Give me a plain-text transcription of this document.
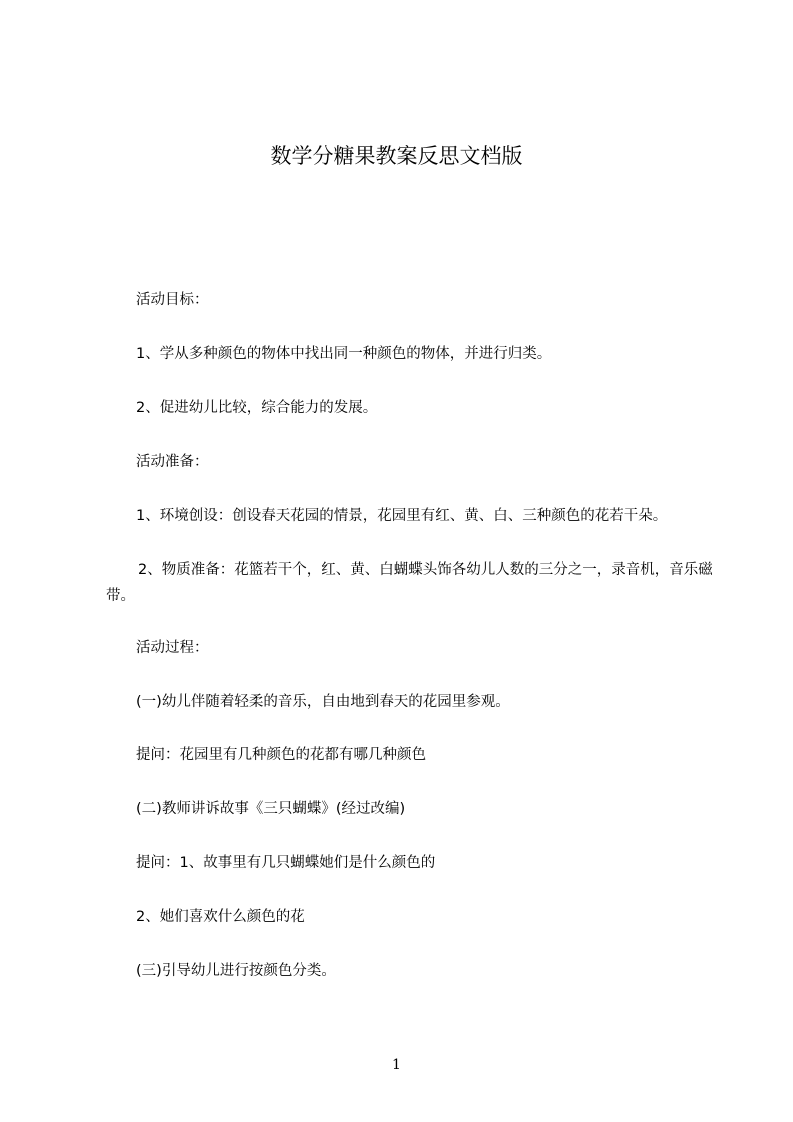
数学分糖果教案反思文档版

活动目标：

1、学从多种颜色的物体中找出同一种颜色的物体，并进行归类。

2、促进幼儿比较，综合能力的发展。

活动准备：

1、环境创设：创设春天花园的情景，花园里有红、黄、白、三种颜色的花若干朵。

2、物质准备：花篮若干个，红、黄、白蝴蝶头饰各幼儿人数的三分之一，录音机，音乐磁带。

活动过程：

(一)幼儿伴随着轻柔的音乐，自由地到春天的花园里参观。

提问：花园里有几种颜色的花都有哪几种颜色

(二)教师讲诉故事《三只蝴蝶》(经过改编)

提问：1、故事里有几只蝴蝶她们是什么颜色的

2、她们喜欢什么颜色的花

(三)引导幼儿进行按颜色分类。

1
